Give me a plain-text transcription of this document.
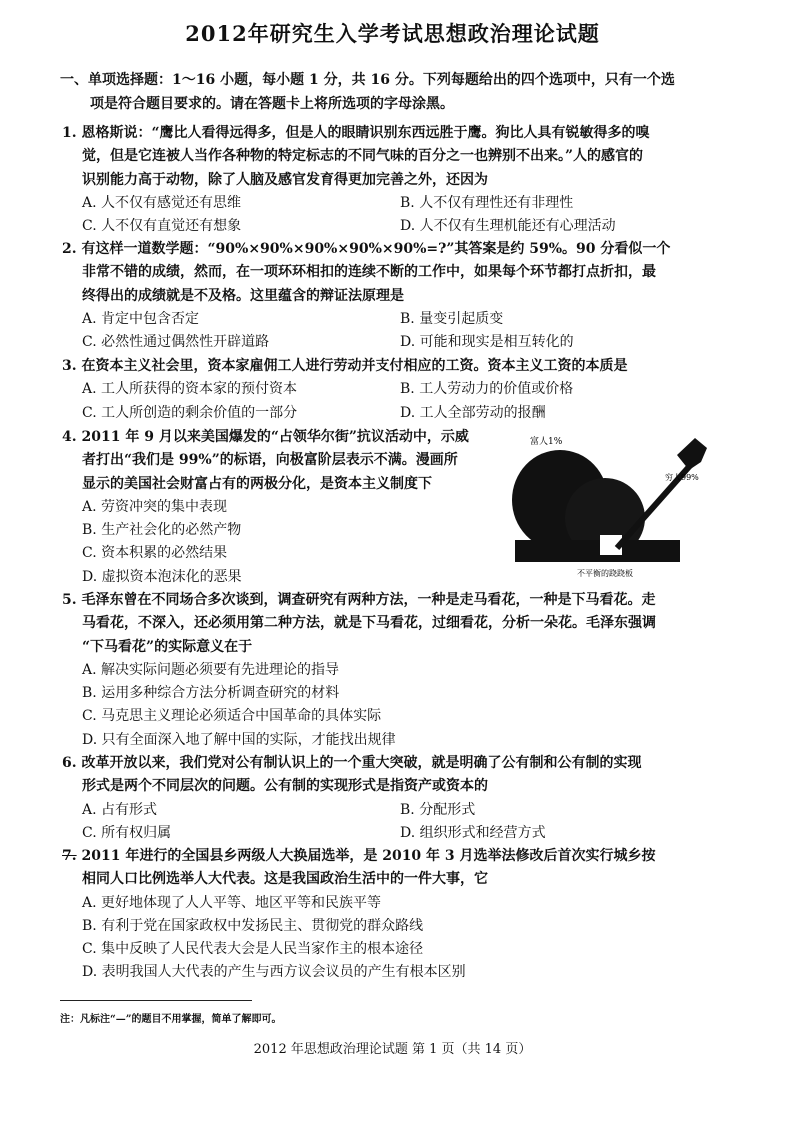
2012年研究生入学考试思想政治理论试题
一、单项选择题：1～16 小题，每小题 1 分，共 16 分。下列每题给出的四个选项中，只有一个选
项是符合题目要求的。请在答题卡上将所选项的字母涂黑。
1. 恩格斯说：“鹰比人看得远得多，但是人的眼睛识别东西远胜于鹰。狗比人具有锐敏得多的嗅
觉，但是它连被人当作各种物的特定标志的不同气味的百分之一也辨别不出来。”人的感官的
识别能力高于动物，除了人脑及感官发育得更加完善之外，还因为
A. 人不仅有感觉还有思维	B. 人不仅有理性还有非理性
C. 人不仅有直觉还有想象	D. 人不仅有生理机能还有心理活动
2. 有这样一道数学题：“90%×90%×90%×90%×90%=?”其答案是约 59%。90 分看似一个
非常不错的成绩，然而，在一项环环相扣的连续不断的工作中，如果每个环节都打点折扣，最
终得出的成绩就是不及格。这里蕴含的辩证法原理是
A. 肯定中包含否定	B. 量变引起质变
C. 必然性通过偶然性开辟道路	D. 可能和现实是相互转化的
3. 在资本主义社会里，资本家雇佣工人进行劳动并支付相应的工资。资本主义工资的本质是
A. 工人所获得的资本家的预付资本	B. 工人劳动力的价值或价格
C. 工人所创造的剩余价值的一部分	D. 工人全部劳动的报酬
4. 2011 年 9 月以来美国爆发的“占领华尔街”抗议活动中，示威
者打出“我们是 99%”的标语，向极富阶层表示不满。漫画所
显示的美国社会财富占有的两极分化，是资本主义制度下
A. 劳资冲突的集中表现
B. 生产社会化的必然产物
C. 资本积累的必然结果
D. 虚拟资本泡沫化的恶果
富人1%
穷人99%
不平衡的跷跷板
5. 毛泽东曾在不同场合多次谈到，调查研究有两种方法，一种是走马看花，一种是下马看花。走
马看花，不深入，还必须用第二种方法，就是下马看花，过细看花，分析一朵花。毛泽东强调
“下马看花”的实际意义在于
A. 解决实际问题必须要有先进理论的指导
B. 运用多种综合方法分析调查研究的材料
C. 马克思主义理论必须适合中国革命的具体实际
D. 只有全面深入地了解中国的实际，才能找出规律
6. 改革开放以来，我们党对公有制认识上的一个重大突破，就是明确了公有制和公有制的实现
形式是两个不同层次的问题。公有制的实现形式是指资产或资本的
A. 占有形式	B. 分配形式
C. 所有权归属	D. 组织形式和经营方式
7. 2011 年进行的全国县乡两级人大换届选举，是 2010 年 3 月选举法修改后首次实行城乡按
相同人口比例选举人大代表。这是我国政治生活中的一件大事，它
A. 更好地体现了人人平等、地区平等和民族平等
B. 有利于党在国家政权中发扬民主、贯彻党的群众路线
C. 集中反映了人民代表大会是人民当家作主的根本途径
D. 表明我国人大代表的产生与西方议会议员的产生有根本区别
注：凡标注“—”的题目不用掌握，简单了解即可。
2012 年思想政治理论试题 第 1 页（共 14 页）
